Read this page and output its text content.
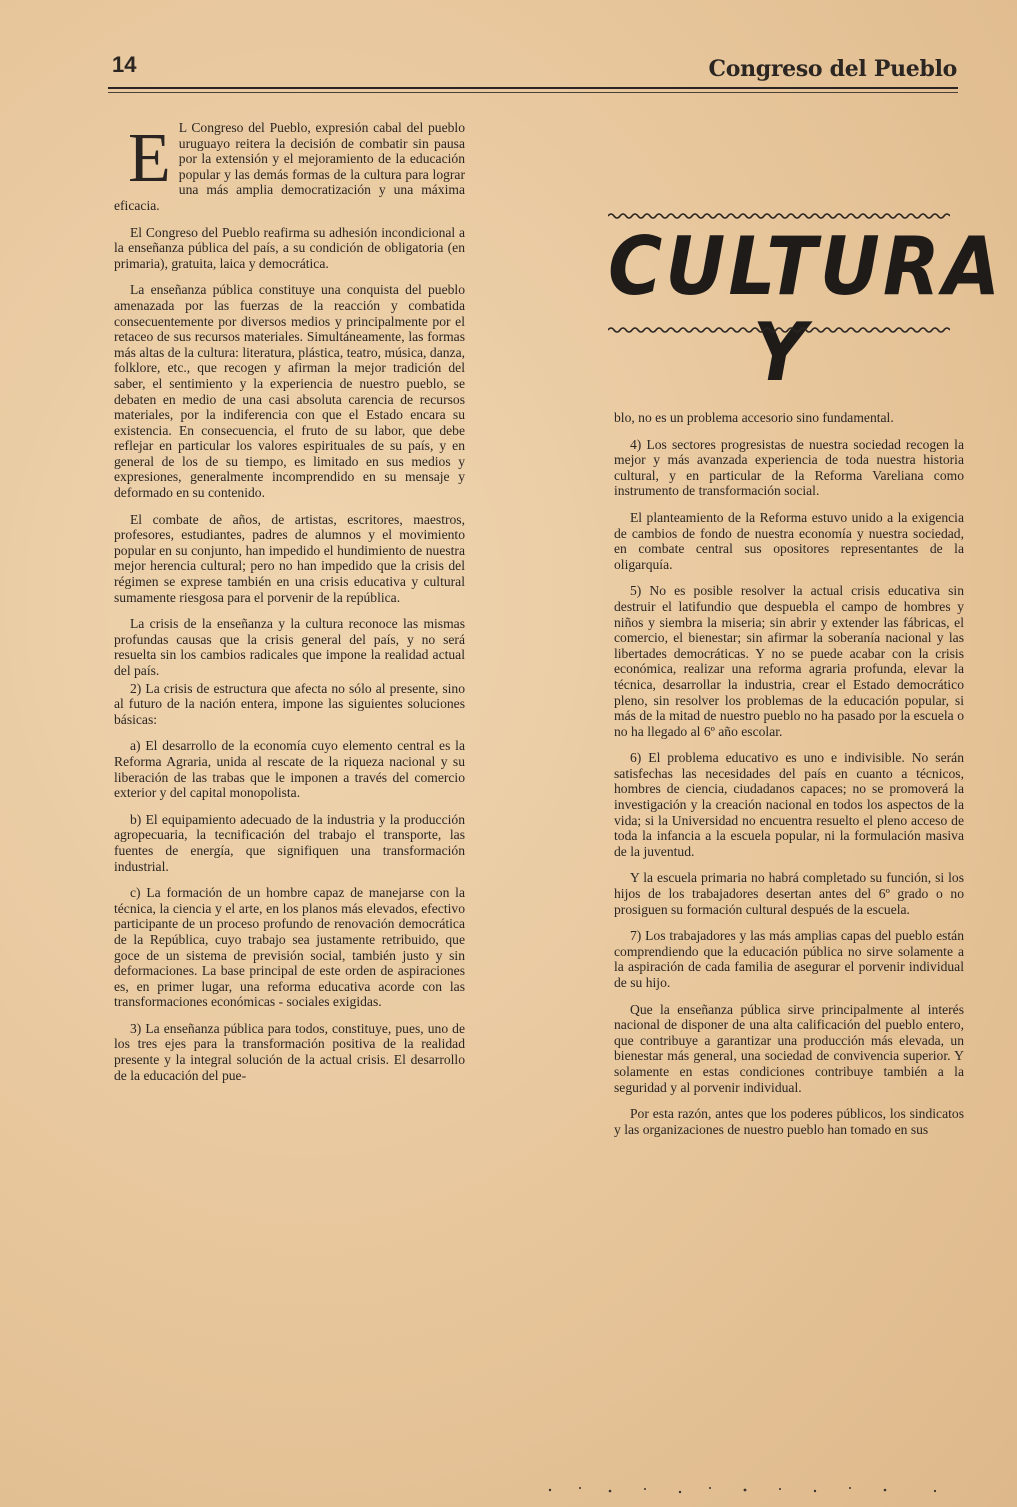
14	Congreso del Pueblo

E L Congreso del Pueblo, expresión cabal del pueblo uruguayo reitera la decisión de combatir sin pausa por la extensión y el mejoramiento de la educación popular y las demás formas de la cultura para lograr una más amplia democratización y una máxima eficacia.

El Congreso del Pueblo reafirma su adhesión incondicional a la enseñanza pública del país, a su condición de obligatoria (en primaria), gratuita, laica y democrática.

La enseñanza pública constituye una conquista del pueblo amenazada por las fuerzas de la reacción y combatida consecuentemente por diversos medios y principalmente por el retaceo de sus recursos materiales. Simultáneamente, las formas más altas de la cultura: literatura, plástica, teatro, música, danza, folklore, etc., que recogen y afirman la mejor tradición del saber, el sentimiento y la experiencia de nuestro pueblo, se debaten en medio de una casi absoluta carencia de recursos materiales, por la indiferencia con que el Estado encara su existencia. En consecuencia, el fruto de su labor, que debe reflejar en particular los valores espirituales de su país, y en general de los de su tiempo, es limitado en sus medios y expresiones, generalmente incomprendido en su mensaje y deformado en su contenido.

El combate de años, de artistas, escritores, maestros, profesores, estudiantes, padres de alumnos y el movimiento popular en su conjunto, han impedido el hundimiento de nuestra mejor herencia cultural; pero no han impedido que la crisis del régimen se exprese también en una crisis educativa y cultural sumamente riesgosa para el porvenir de la república.

La crisis de la enseñanza y la cultura reconoce las mismas profundas causas que la crisis general del país, y no será resuelta sin los cambios radicales que impone la realidad actual del país.

2) La crisis de estructura que afecta no sólo al presente, sino al futuro de la nación entera, impone las siguientes soluciones básicas:

a) El desarrollo de la economía cuyo elemento central es la Reforma Agraria, unida al rescate de la riqueza nacional y su liberación de las trabas que le imponen a través del comercio exterior y del capital monopolista.

b) El equipamiento adecuado de la industria y la producción agropecuaria, la tecnificación del trabajo el transporte, las fuentes de energía, que signifiquen una transformación industrial.

c) La formación de un hombre capaz de manejarse con la técnica, la ciencia y el arte, en los planos más elevados, efectivo participante de un proceso profundo de renovación democrática de la República, cuyo trabajo sea justamente retribuido, que goce de un sistema de previsión social, también justo y sin deformaciones. La base principal de este orden de aspiraciones es, en primer lugar, una reforma educativa acorde con las transformaciones económicas - sociales exigidas.

3) La enseñanza pública para todos, constituye, pues, uno de los tres ejes para la transformación positiva de la realidad presente y la integral solución de la actual crisis. El desarrollo de la educación del pue-

CULTURA Y

blo, no es un problema accesorio sino fundamental.

4) Los sectores progresistas de nuestra sociedad recogen la mejor y más avanzada experiencia de toda nuestra historia cultural, y en particular de la Reforma Vareliana como instrumento de transformación social.

El planteamiento de la Reforma estuvo unido a la exigencia de cambios de fondo de nuestra economía y nuestra sociedad, en combate central sus opositores representantes de la oligarquía.

5) No es posible resolver la actual crisis educativa sin destruir el latifundio que despuebla el campo de hombres y niños y siembra la miseria; sin abrir y extender las fábricas, el comercio, el bienestar; sin afirmar la soberanía nacional y las libertades democráticas. Y no se puede acabar con la crisis económica, realizar una reforma agraria profunda, elevar la técnica, desarrollar la industria, crear el Estado democrático pleno, sin resolver los problemas de la educación popular, si más de la mitad de nuestro pueblo no ha pasado por la escuela o no ha llegado al 6º año escolar.

6) El problema educativo es uno e indivisible. No serán satisfechas las necesidades del país en cuanto a técnicos, hombres de ciencia, ciudadanos capaces; no se promoverá la investigación y la creación nacional en todos los aspectos de la vida; si la Universidad no encuentra resuelto el pleno acceso de toda la infancia a la escuela popular, ni la formulación masiva de la juventud.

Y la escuela primaria no habrá completado su función, si los hijos de los trabajadores desertan antes del 6º grado o no prosiguen su formación cultural después de la escuela.

7) Los trabajadores y las más amplias capas del pueblo están comprendiendo que la educación pública no sirve solamente a la aspiración de cada familia de asegurar el porvenir individual de su hijo.

Que la enseñanza pública sirve principalmente al interés nacional de disponer de una alta calificación del pueblo entero, que contribuye a garantizar una producción más elevada, un bienestar más general, una sociedad de convivencia superior. Y solamente en estas condiciones contribuye también a la seguridad y al porvenir individual.

Por esta razón, antes que los poderes públicos, los sindicatos y las organizaciones de nuestro pueblo han tomado en sus
